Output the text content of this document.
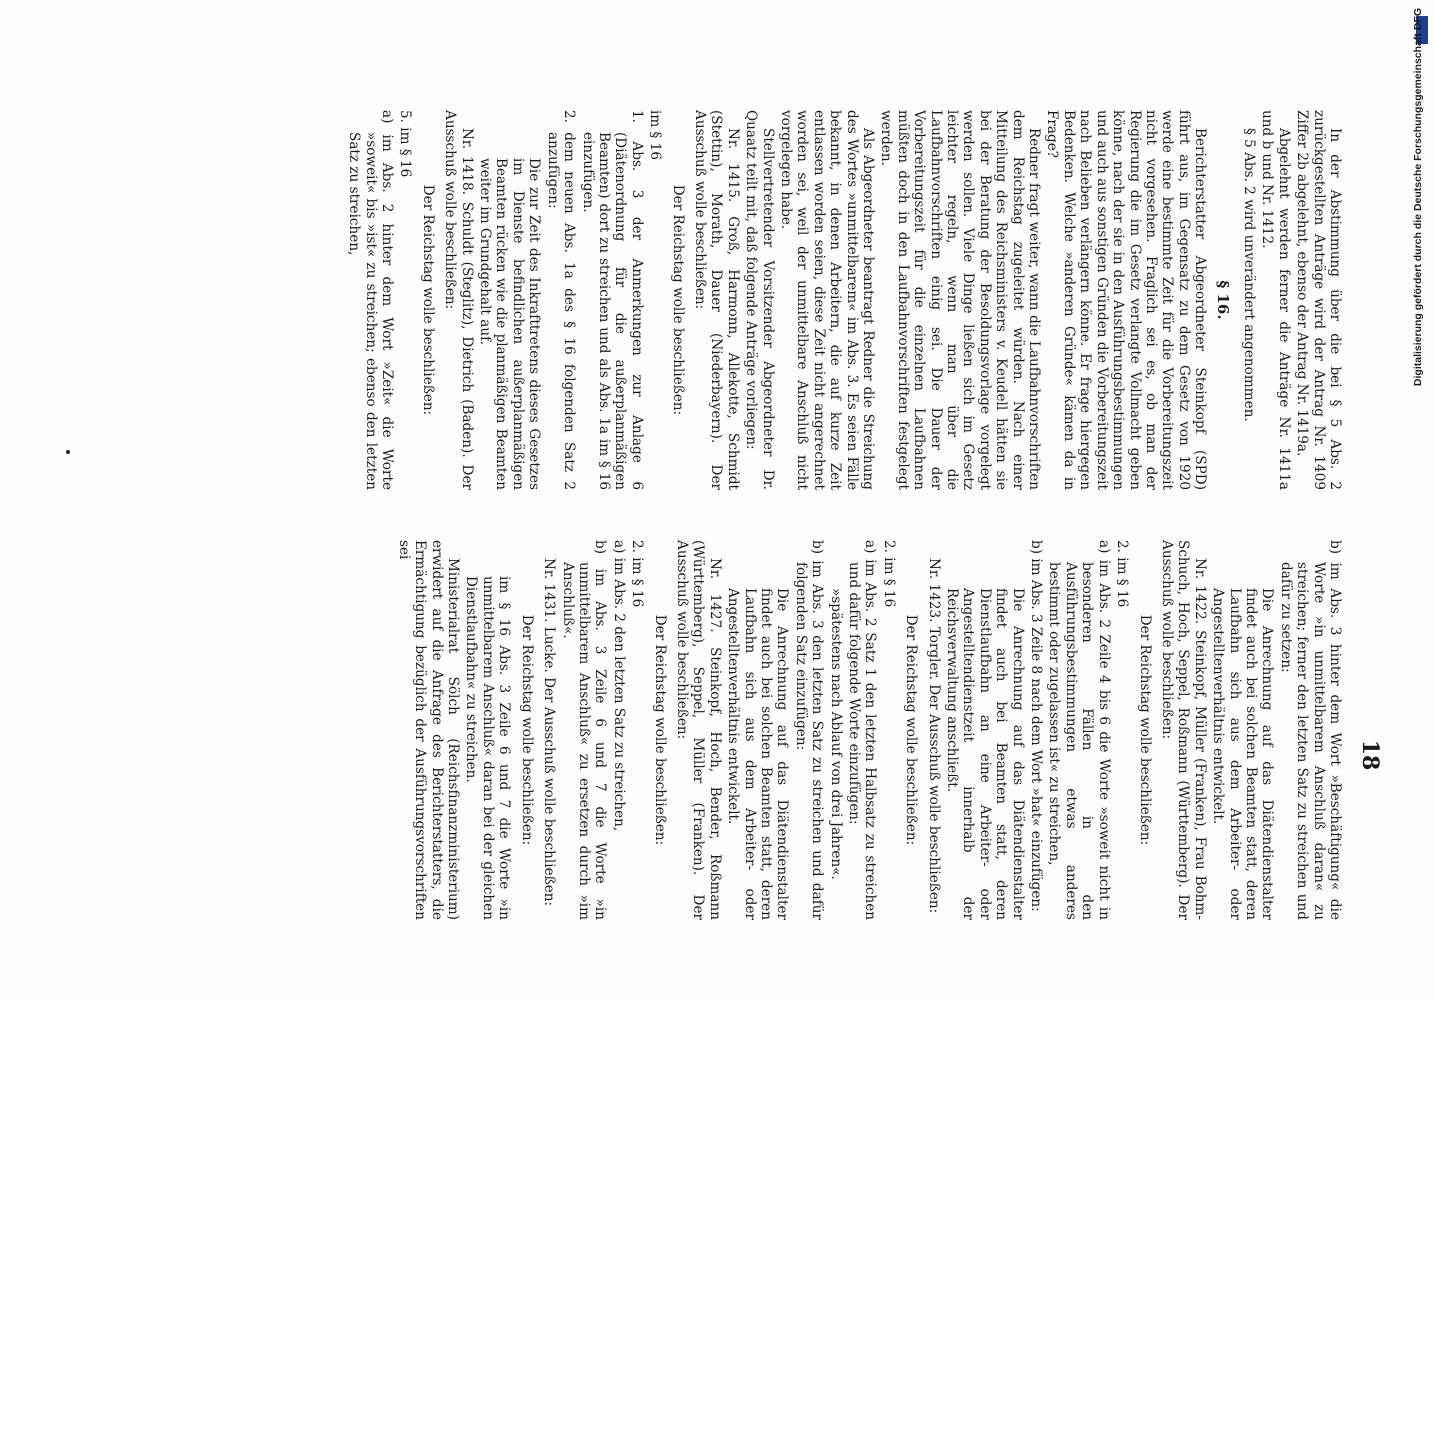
18
In der Abstimmung über die bei § 5 Abs. 2 zurückgestellten Anträge wird der Antrag Nr. 1409 Ziffer 2b abgelehnt, ebenso der Antrag Nr. 1419a.
Abgelehnt werden ferner die Anträge Nr. 1411a und b und Nr. 1412.
§ 5 Abs. 2 wird unverändert angenommen.
§ 16.
Berichterstatter Abgeordneter Steinkopf (SPD) führt aus, im Gegensatz zu dem Gesetz von 1920 werde eine bestimmte Zeit für die Vorbereitungszeit nicht vorgesehen. Fraglich sei es, ob man der Regierung die im Gesetz verlangte Vollmacht geben könne, nach der sie in den Ausführungsbestimmungen und auch aus sonstigen Gründen die Vorbereitungszeit nach Belieben verlängern könne. Er frage hiergegen Bedenken. Welche »anderen Gründe« kämen da in Frage?
Redner fragt weiter, wann die Laufbahnvorschriften dem Reichstag zugeleitet würden. Nach einer Mitteilung des Reichsministers v. Keudell hätten sie bei der Beratung der Besoldungsvorlage vorgelegt werden sollen. Viele Dinge ließen sich im Gesetz leichter regeln, wenn man über die Laufbahnvorschriften einig sei. Die Dauer der Vorbereitungszeit für die einzelnen Laufbahnen müßten doch in den Laufbahnvorschriften festgelegt werden.
Als Abgeordneter beantragt Redner die Streichung des Wortes »unmittelbarem« im Abs. 3. Es seien Fälle bekannt, in denen Arbeitern, die auf kurze Zeit entlassen worden seien, diese Zeit nicht angerechnet worden sei, weil der unmittelbare Anschluß nicht vorgelegen habe.
Stellvertretender Vorsitzender Abgeordneter Dr. Quaatz teilt mit, daß folgende Anträge vorliegen:
Nr. 1415. Groß, Harmonn, Allekotte, Schmidt (Stettin), Morath, Dauer (Niederbayern). Der Ausschuß wolle beschließen:
Der Reichstag wolle beschließen:
im § 16
1. Abs. 3 der Anmerkungen zur Anlage 6 (Diätenordnung für die außerplanmäßigen Beamten) dort zu streichen und als Abs. 1a im § 16 einzufügen.
2. dem neuen Abs. 1a des § 16 folgenden Satz 2 anzufügen:
Die zur Zeit des Inkrafttretens dieses Gesetzes im Dienste befindlichen außerplanmäßigen Beamten rücken wie die planmäßigen Beamten weiter im Grundgehalt auf.
Nr. 1418. Schuldt (Steglitz), Dietrich (Baden). Der Ausschuß wolle beschließen:
Der Reichstag wolle beschließen:
5. im § 16
a) im Abs. 2 hinter dem Wort »Zeit« die Worte »soweit« bis »ist« zu streichen; ebenso den letzten Satz zu streichen,
b) im Abs. 3 hinter dem Wort »Beschäftigung« die Worte »in unmittelbarem Anschluß daran« zu streichen; ferner den letzten Satz zu streichen und dafür zu setzen:
Die Anrechnung auf das Diätendienstalter findet auch bei solchen Beamten statt, deren Laufbahn sich aus dem Arbeiter- oder Angestelltenverhältnis entwickelt.
Nr. 1422. Steinkopf, Müller (Franken), Frau Bohm-Schuch, Hoch, Seppel, Roßmann (Württemberg). Der Ausschuß wolle beschließen:
Der Reichstag wolle beschließen:
2. im § 16
a) im Abs. 2 Zeile 4 bis 6 die Worte »soweit nicht in besonderen Fällen in den Ausführungsbestimmungen etwas anderes bestimmt oder zugelassen ist« zu streichen,
b) im Abs. 3 Zeile 8 nach dem Wort »hat« einzufügen:
Die Anrechnung auf das Diätendienstalter findet auch bei Beamten statt, deren Dienstlaufbahn an eine Arbeiter- oder Angestelltendienstzeit innerhalb der Reichsverwaltung anschließt.
Nr. 1423. Torgler. Der Ausschuß wolle beschließen:
Der Reichstag wolle beschließen:
2. im § 16
a) im Abs. 2 Satz 1 den letzten Halbsatz zu streichen und dafür folgende Worte einzufügen:
»spätestens nach Ablauf von drei Jahren«.
b) im Abs. 3 den letzten Satz zu streichen und dafür folgenden Satz einzufügen:
Die Anrechnung auf das Diätendienstalter findet auch bei solchen Beamten statt, deren Laufbahn sich aus dem Arbeiter- oder Angestelltenverhältnis entwickelt.
Nr. 1427. Steinkopf, Hoch, Bender, Roßmann (Württemberg), Seppel, Müller (Franken). Der Ausschuß wolle beschließen:
Der Reichstag wolle beschließen:
2. im § 16
a) im Abs. 2 den letzten Satz zu streichen,
b) im Abs. 3 Zeile 6 und 7 die Worte »in unmittelbarem Anschluß« zu ersetzen durch »im Anschluß«.
Nr. 1431. Lucke. Der Ausschuß wolle beschließen:
Der Reichstag wolle beschließen:
im § 16 Abs. 3 Zeile 6 und 7 die Worte »in unmittelbarem Anschluß« daran bei der gleichen Dienstlaufbahn« zu streichen.
Ministerialrat Sölch (Reichsfinanzministerium) erwidert auf die Anfrage des Berichterstatters, die Ermächtigung bezüglich der Ausführungsvorschriften sei
Digitalisierung gefördert durch die Deutsche Forschungsgemeinschaft DFG
